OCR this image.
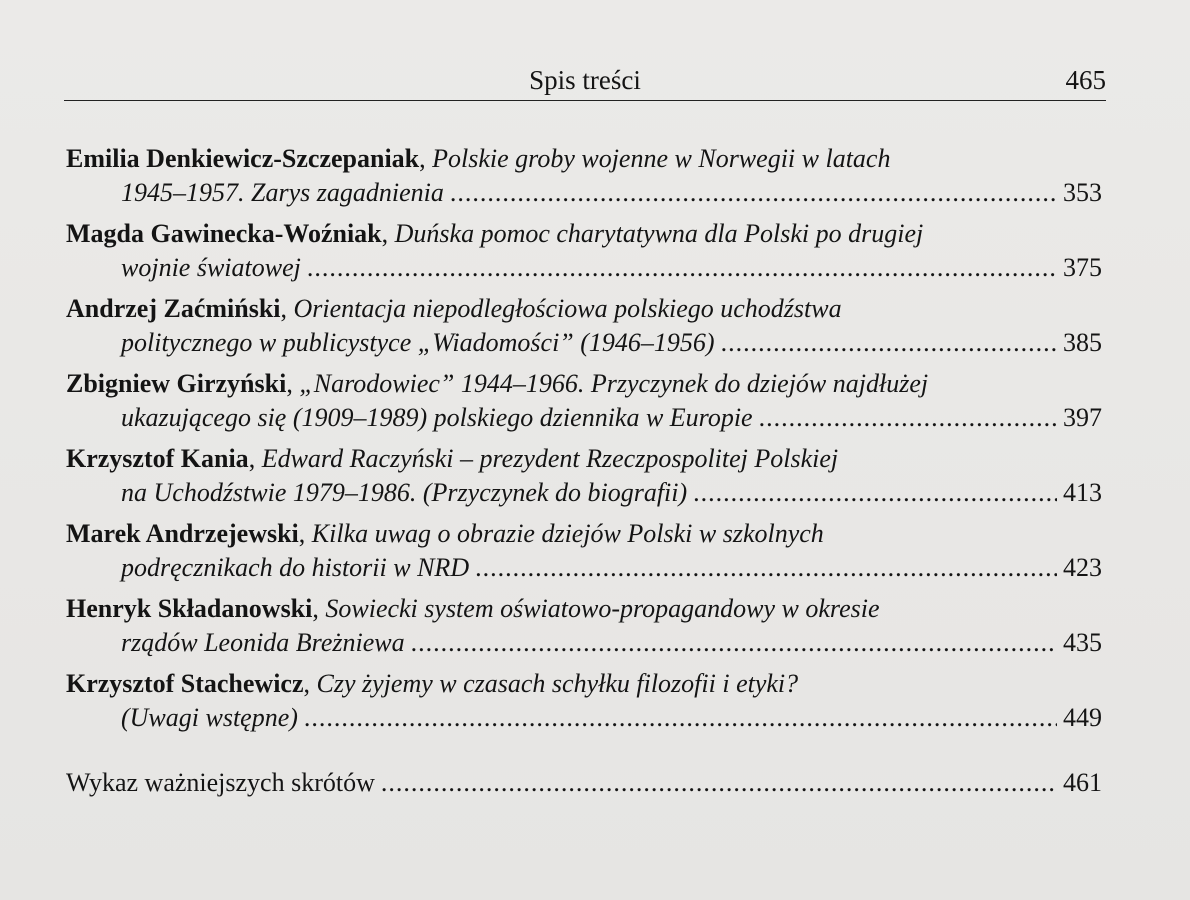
Spis treści	465
Emilia Denkiewicz-Szczepaniak, Polskie groby wojenne w Norwegii w latach
1945–1957. Zarys zagadnienia .....	353
Magda Gawinecka-Woźniak, Duńska pomoc charytatywna dla Polski po drugiej
wojnie światowej .....	375
Andrzej Zaćmiński, Orientacja niepodległościowa polskiego uchodźstwa
politycznego w publicystyce „Wiadomości” (1946–1956) .....	385
Zbigniew Girzyński, „Narodowiec” 1944–1966. Przyczynek do dziejów najdłużej
ukazującego się (1909–1989) polskiego dziennika w Europie .....	397
Krzysztof Kania, Edward Raczyński – prezydent Rzeczpospolitej Polskiej
na Uchodźstwie 1979–1986. (Przyczynek do biografii) .....	413
Marek Andrzejewski, Kilka uwag o obrazie dziejów Polski w szkolnych
podręcznikach do historii w NRD .....	423
Henryk Składanowski, Sowiecki system oświatowo-propagandowy w okresie
rządów Leonida Breżniewa .....	435
Krzysztof Stachewicz, Czy żyjemy w czasach schyłku filozofii i etyki?
(Uwagi wstępne) .....	449
Wykaz ważniejszych skrótów .....	461
